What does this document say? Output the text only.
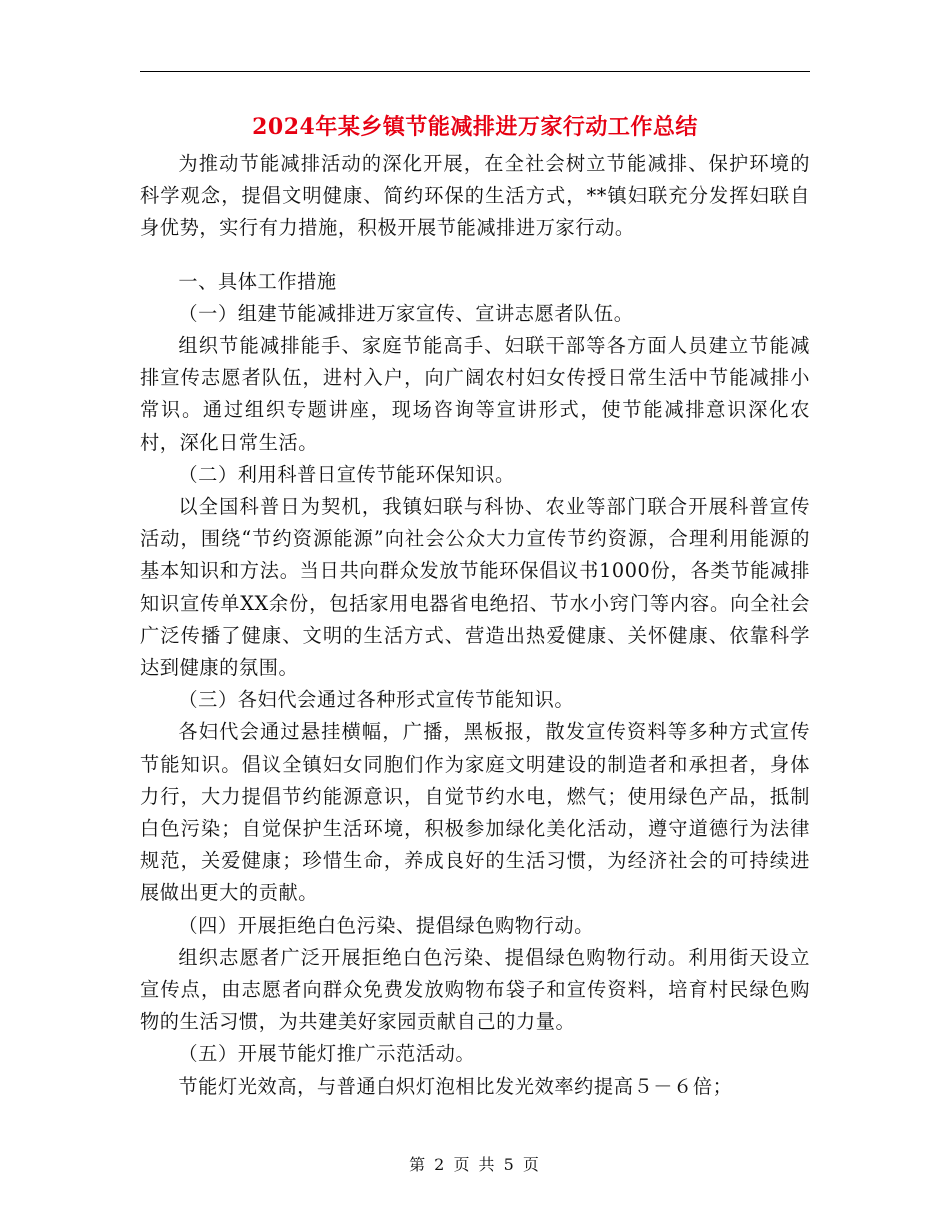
2024年某乡镇节能减排进万家行动工作总结

为推动节能减排活动的深化开展，在全社会树立节能减排、保护环境的科学观念，提倡文明健康、简约环保的生活方式，**镇妇联充分发挥妇联自身优势，实行有力措施，积极开展节能减排进万家行动。

一、具体工作措施

（一）组建节能减排进万家宣传、宣讲志愿者队伍。

组织节能减排能手、家庭节能高手、妇联干部等各方面人员建立节能减排宣传志愿者队伍，进村入户，向广阔农村妇女传授日常生活中节能减排小常识。通过组织专题讲座，现场咨询等宣讲形式，使节能减排意识深化农村，深化日常生活。

（二）利用科普日宣传节能环保知识。

以全国科普日为契机，我镇妇联与科协、农业等部门联合开展科普宣传活动，围绕“节约资源能源”向社会公众大力宣传节约资源，合理利用能源的基本知识和方法。当日共向群众发放节能环保倡议书1000份，各类节能减排知识宣传单XX余份，包括家用电器省电绝招、节水小窍门等内容。向全社会广泛传播了健康、文明的生活方式、营造出热爱健康、关怀健康、依靠科学达到健康的氛围。

（三）各妇代会通过各种形式宣传节能知识。

各妇代会通过悬挂横幅，广播，黑板报，散发宣传资料等多种方式宣传节能知识。倡议全镇妇女同胞们作为家庭文明建设的制造者和承担者，身体力行，大力提倡节约能源意识，自觉节约水电，燃气；使用绿色产品，抵制白色污染；自觉保护生活环境，积极参加绿化美化活动，遵守道德行为法律规范，关爱健康；珍惜生命，养成良好的生活习惯，为经济社会的可持续进展做出更大的贡献。

（四）开展拒绝白色污染、提倡绿色购物行动。

组织志愿者广泛开展拒绝白色污染、提倡绿色购物行动。利用街天设立宣传点，由志愿者向群众免费发放购物布袋子和宣传资料，培育村民绿色购物的生活习惯，为共建美好家园贡献自己的力量。

（五）开展节能灯推广示范活动。

节能灯光效高，与普通白炽灯泡相比发光效率约提高５－６倍；

第 2 页 共 5 页
